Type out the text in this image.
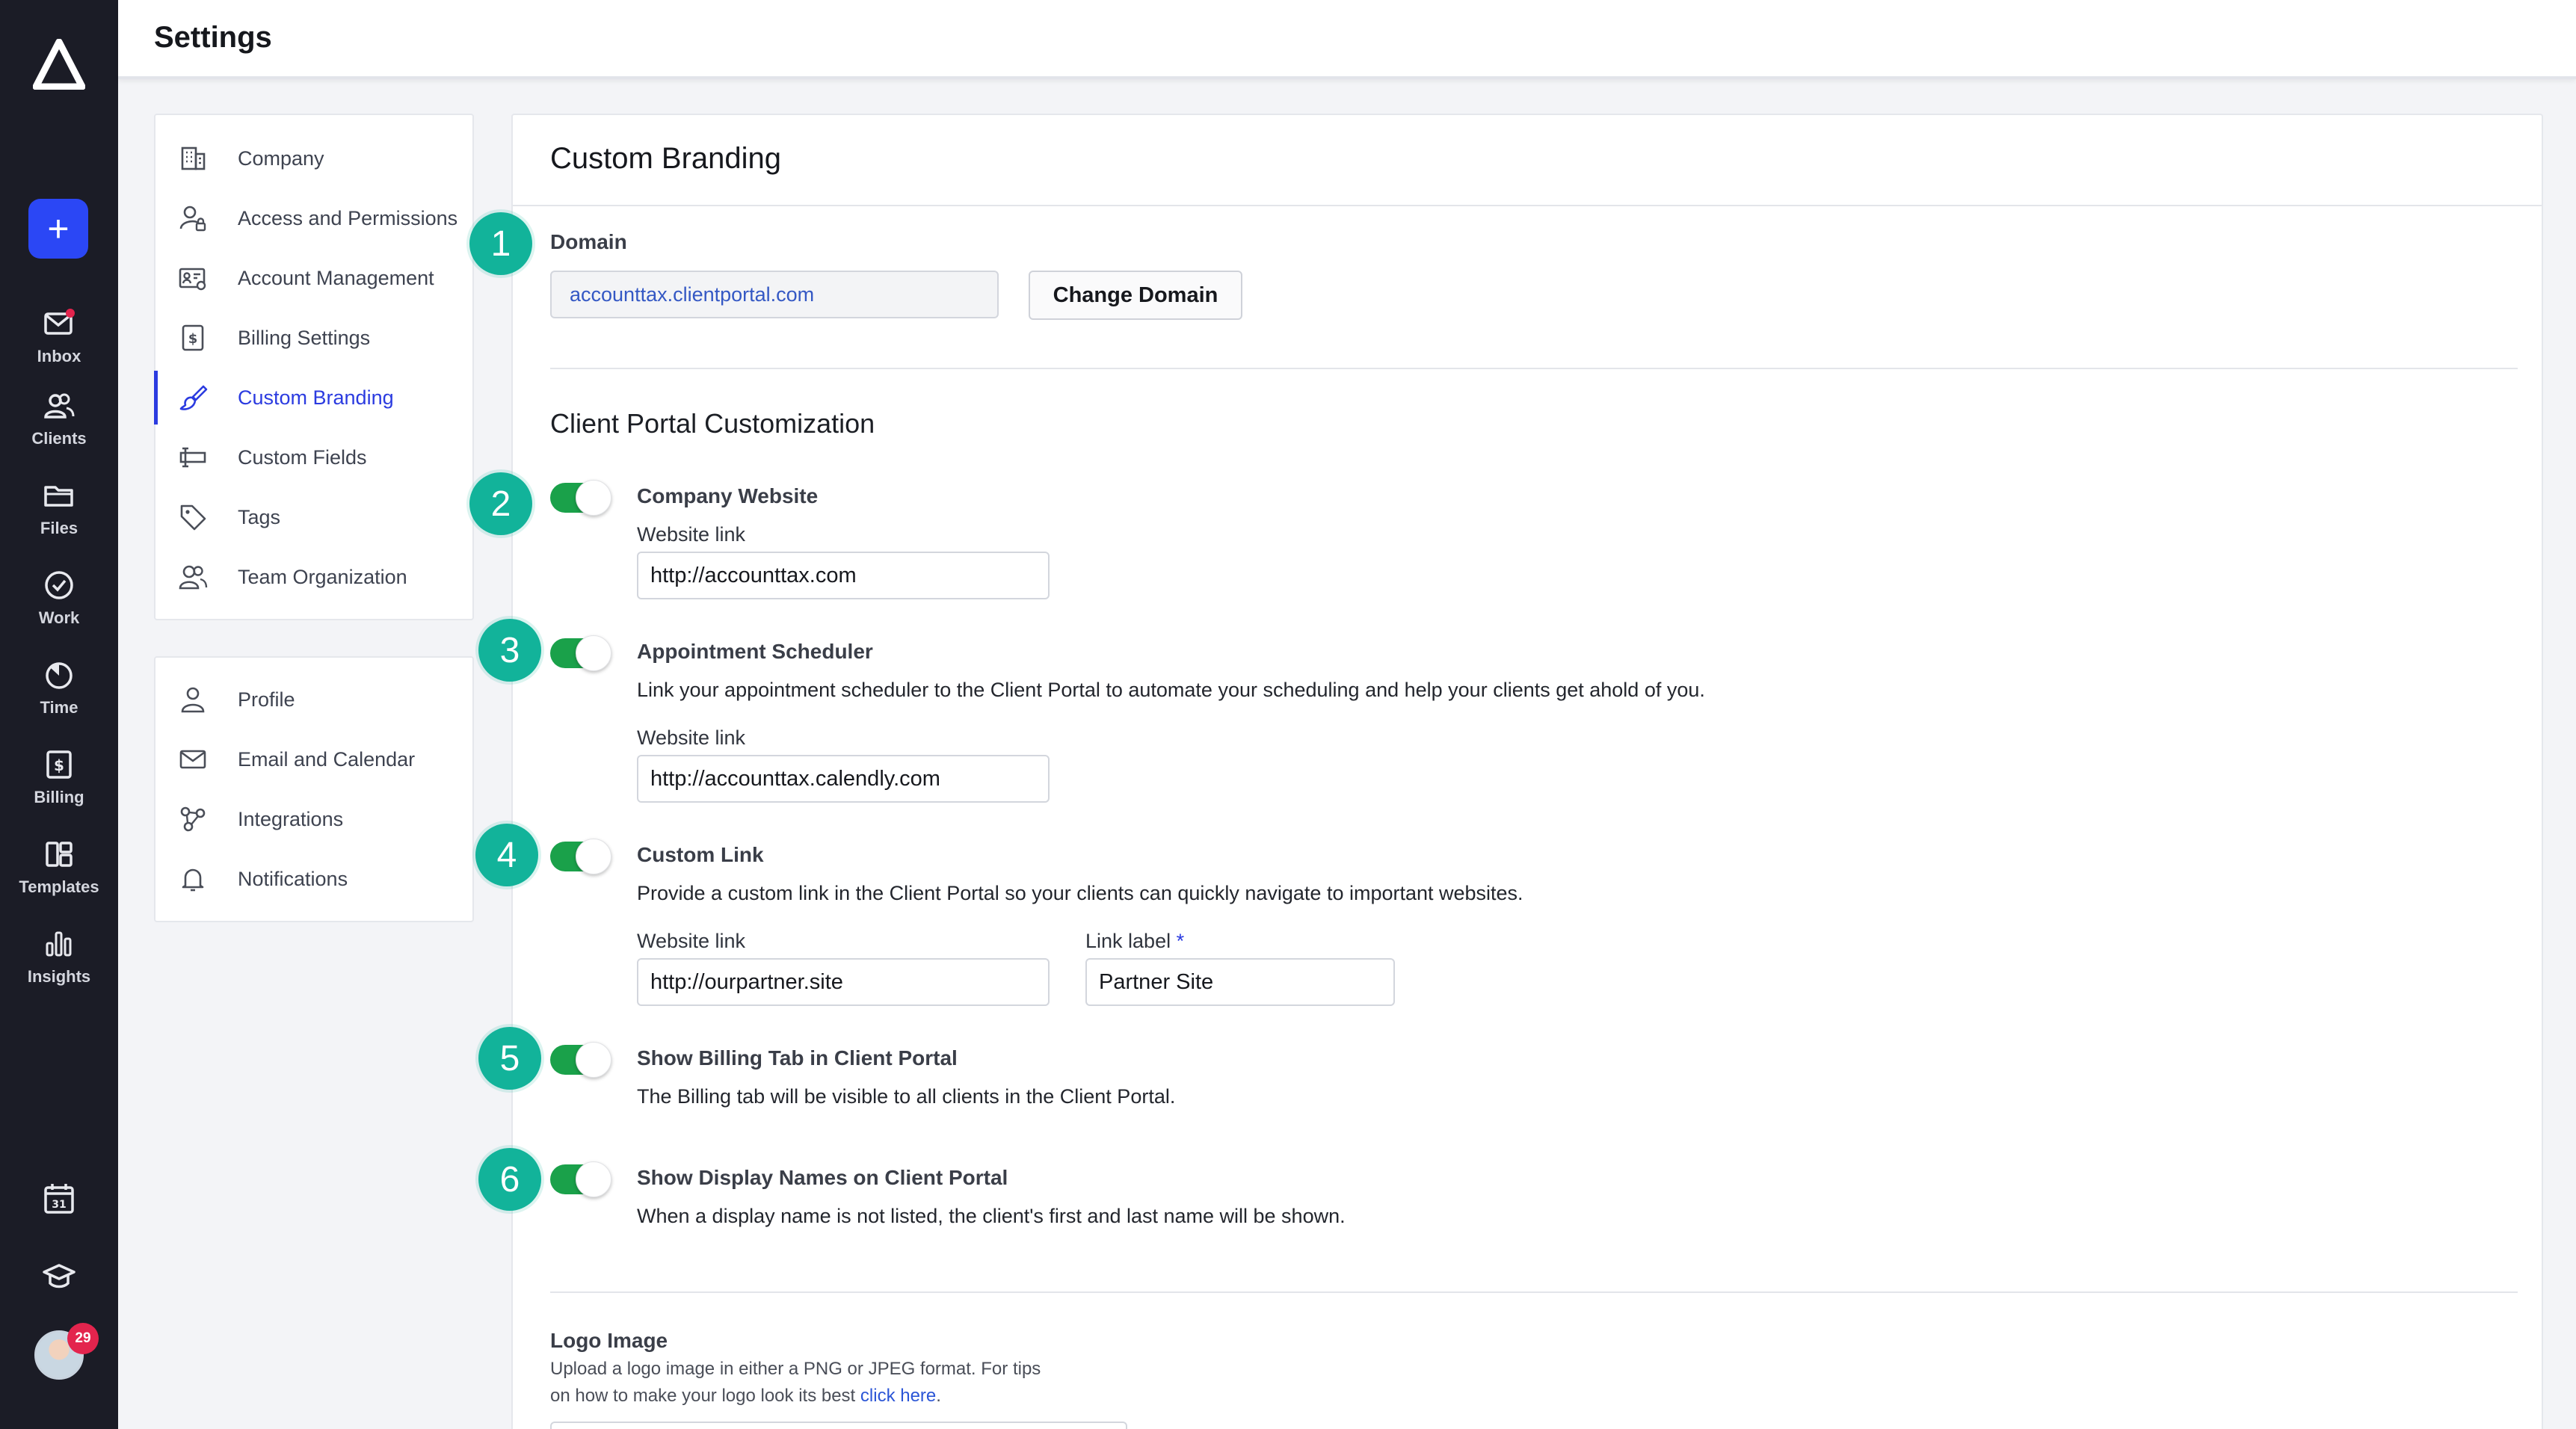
+
Inbox
Clients
Files
Work
Time
$
Billing
Templates
Insights
31
29
Settings
Company
Access and Permissions
Account Management
$ Billing Settings
Custom Branding
Custom Fields
Tags
Team Organization
Profile
Email and Calendar
Integrations
Notifications
Custom Branding
Domain
accounttax.clientportal.com	Change Domain
Client Portal Customization
Company Website
Website link
http://accounttax.com
Appointment Scheduler
Link your appointment scheduler to the Client Portal to automate your scheduling and help your clients get ahold of you.
Website link
http://accounttax.calendly.com
Custom Link
Provide a custom link in the Client Portal so your clients can quickly navigate to important websites.
Website link
http://ourpartner.site
Link label *
Partner Site
Show Billing Tab in Client Portal
The Billing tab will be visible to all clients in the Client Portal.
Show Display Names on Client Portal
When a display name is not listed, the client's first and last name will be shown.
Logo Image
Upload a logo image in either a PNG or JPEG format. For tips
on how to make your logo look its best click here.
1
2
3
4
5
6
